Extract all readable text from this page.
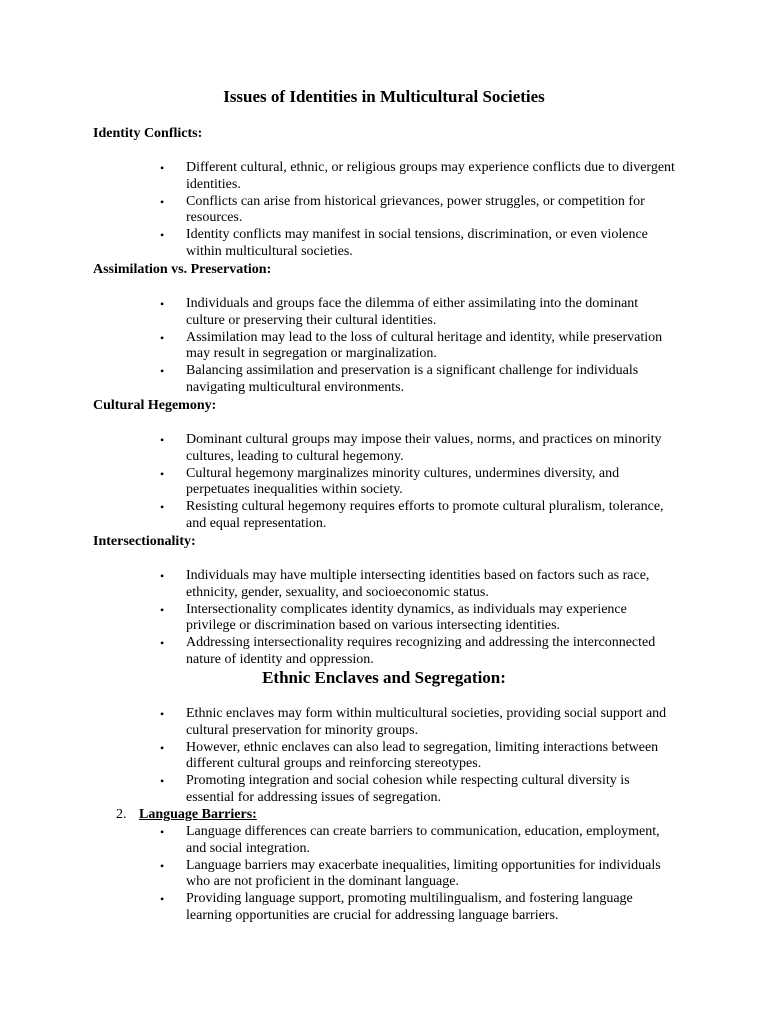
Issues of Identities in Multicultural Societies
Identity Conflicts:
• Different cultural, ethnic, or religious groups may experience conflicts due to divergent identities.
• Conflicts can arise from historical grievances, power struggles, or competition for resources.
• Identity conflicts may manifest in social tensions, discrimination, or even violence within multicultural societies.
Assimilation vs. Preservation:
• Individuals and groups face the dilemma of either assimilating into the dominant culture or preserving their cultural identities.
• Assimilation may lead to the loss of cultural heritage and identity, while preservation may result in segregation or marginalization.
• Balancing assimilation and preservation is a significant challenge for individuals navigating multicultural environments.
Cultural Hegemony:
• Dominant cultural groups may impose their values, norms, and practices on minority cultures, leading to cultural hegemony.
• Cultural hegemony marginalizes minority cultures, undermines diversity, and perpetuates inequalities within society.
• Resisting cultural hegemony requires efforts to promote cultural pluralism, tolerance, and equal representation.
Intersectionality:
• Individuals may have multiple intersecting identities based on factors such as race, ethnicity, gender, sexuality, and socioeconomic status.
• Intersectionality complicates identity dynamics, as individuals may experience privilege or discrimination based on various intersecting identities.
• Addressing intersectionality requires recognizing and addressing the interconnected nature of identity and oppression.
Ethnic Enclaves and Segregation:
• Ethnic enclaves may form within multicultural societies, providing social support and cultural preservation for minority groups.
• However, ethnic enclaves can also lead to segregation, limiting interactions between different cultural groups and reinforcing stereotypes.
• Promoting integration and social cohesion while respecting cultural diversity is essential for addressing issues of segregation.
2. Language Barriers:
• Language differences can create barriers to communication, education, employment, and social integration.
• Language barriers may exacerbate inequalities, limiting opportunities for individuals who are not proficient in the dominant language.
• Providing language support, promoting multilingualism, and fostering language learning opportunities are crucial for addressing language barriers.
